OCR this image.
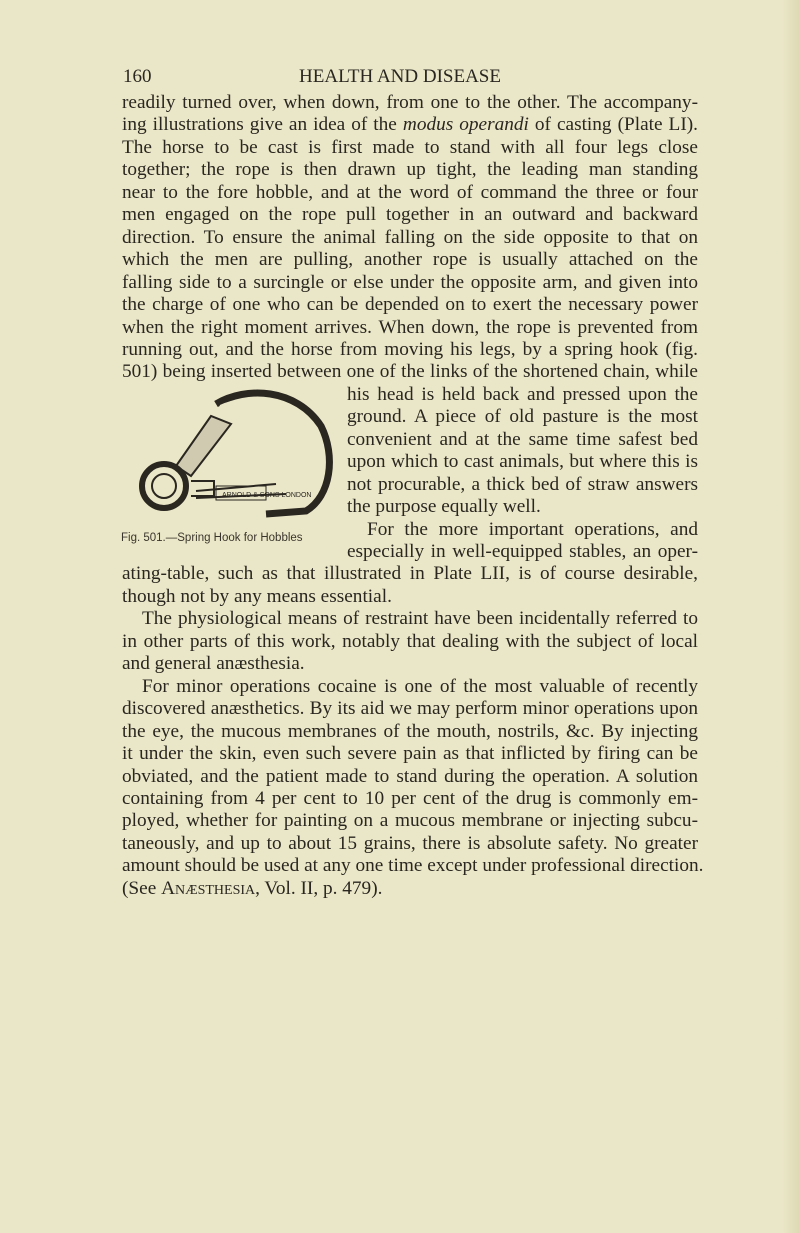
160	HEALTH AND DISEASE
ARNOLD & SONS LONDON
Fig. 501.—Spring Hook for Hobbles
readily turned over, when down, from one to the other. The accompany-
ing illustrations give an idea of the modus operandi of casting (Plate LI).
The horse to be cast is first made to stand with all four legs close
together; the rope is then drawn up tight, the leading man standing
near to the fore hobble, and at the word of command the three or four
men engaged on the rope pull together in an outward and backward
direction. To ensure the animal falling on the side opposite to that on
which the men are pulling, another rope is usually attached on the
falling side to a surcingle or else under the opposite arm, and given into
the charge of one who can be depended on to exert the necessary power
when the right moment arrives. When down, the rope is prevented from
running out, and the horse from moving his legs, by a spring hook (fig.
501) being inserted between one of the links of the shortened chain, while
his head is held back and pressed upon the
ground. A piece of old pasture is the most
convenient and at the same time safest bed
upon which to cast animals, but where this is
not procurable, a thick bed of straw answers
the purpose equally well.
For the more important operations, and
especially in well-equipped stables, an oper-
ating-table, such as that illustrated in Plate LII, is of course desirable,
though not by any means essential.
The physiological means of restraint have been incidentally referred to
in other parts of this work, notably that dealing with the subject of local
and general anæsthesia.
For minor operations cocaine is one of the most valuable of recently
discovered anæsthetics. By its aid we may perform minor operations upon
the eye, the mucous membranes of the mouth, nostrils, &c. By injecting
it under the skin, even such severe pain as that inflicted by firing can be
obviated, and the patient made to stand during the operation. A solution
containing from 4 per cent to 10 per cent of the drug is commonly em-
ployed, whether for painting on a mucous membrane or injecting subcu-
taneously, and up to about 15 grains, there is absolute safety. No greater
amount should be used at any one time except under professional direction.
(See Anæsthesia, Vol. II, p. 479).
